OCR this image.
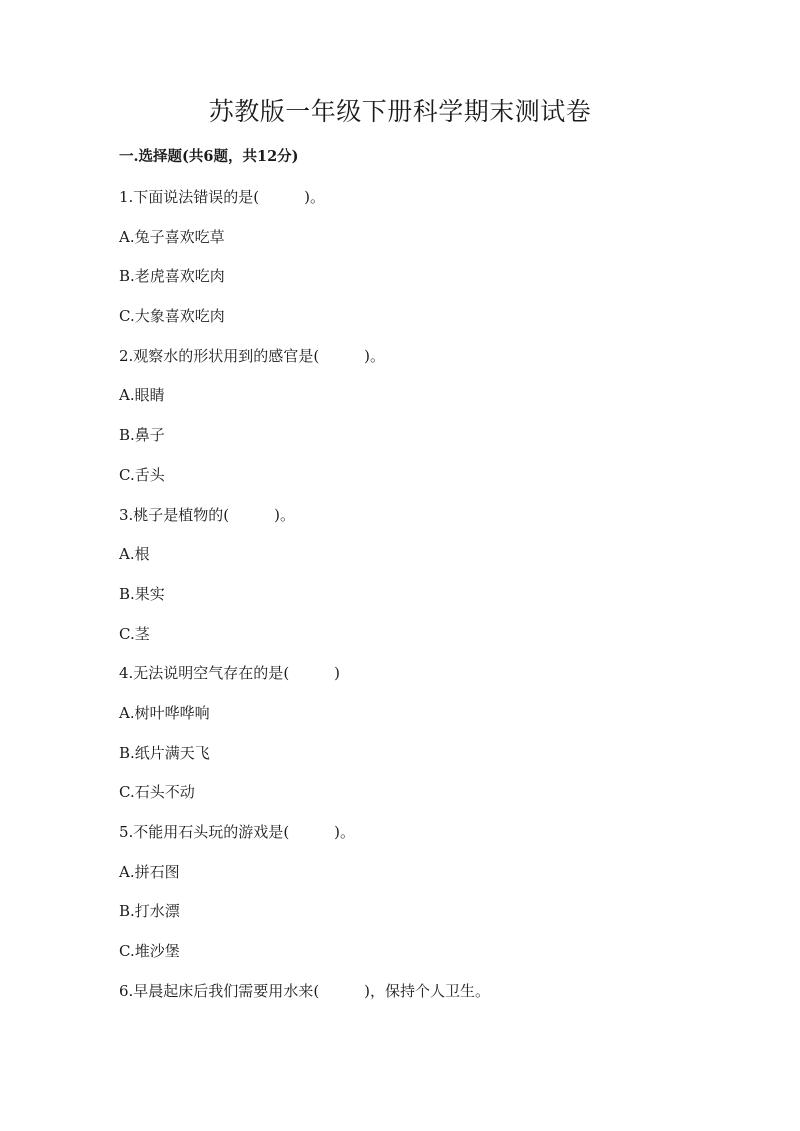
苏教版一年级下册科学期末测试卷
一.选择题(共6题，共12分)
1.下面说法错误的是(　　　)。
A.兔子喜欢吃草
B.老虎喜欢吃肉
C.大象喜欢吃肉
2.观察水的形状用到的感官是(　　　)。
A.眼睛
B.鼻子
C.舌头
3.桃子是植物的(　　　)。
A.根
B.果实
C.茎
4.无法说明空气存在的是(　　　)
A.树叶哗哗响
B.纸片满天飞
C.石头不动
5.不能用石头玩的游戏是(　　　)。
A.拼石图
B.打水漂
C.堆沙堡
6.早晨起床后我们需要用水来(　　　)，保持个人卫生。
